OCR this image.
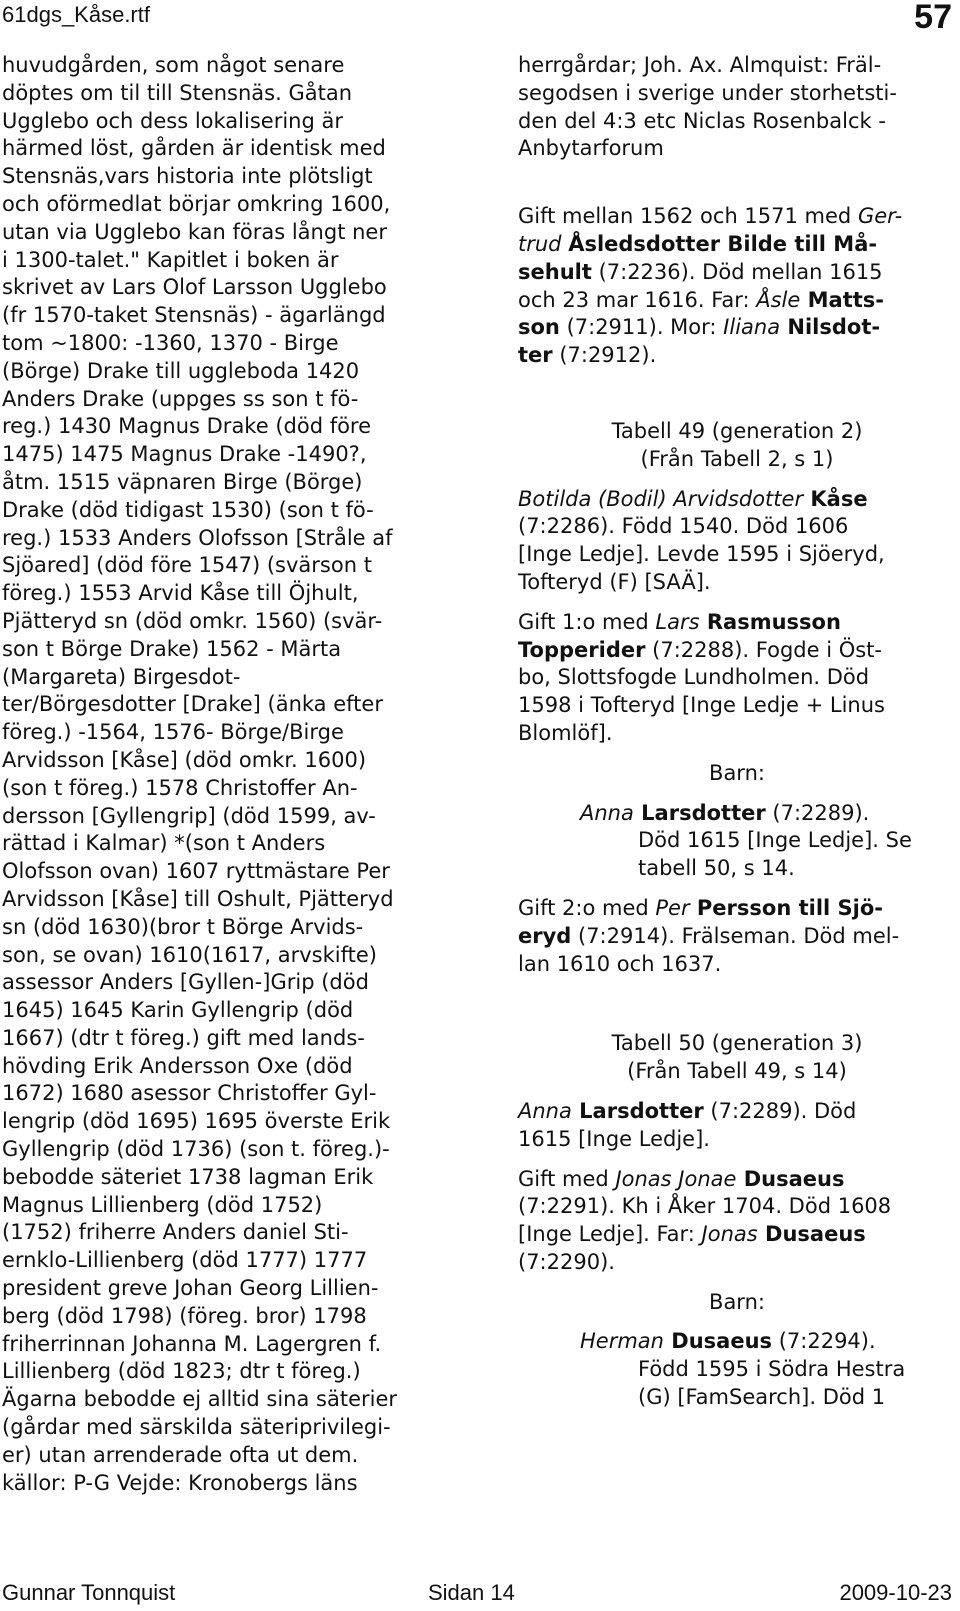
61dgs_Kåse.rtf	57
huvudgården, som något senare
döptes om til till Stensnäs. Gåtan
Ugglebo och dess lokalisering är
härmed löst, gården är identisk med
Stensnäs,vars historia inte plötsligt
och oförmedlat börjar omkring 1600,
utan via Ugglebo kan föras långt ner
i 1300-talet." Kapitlet i boken är
skrivet av Lars Olof Larsson Ugglebo
(fr 1570-taket Stensnäs) - ägarlängd
tom ~1800: -1360, 1370 - Birge
(Börge) Drake till uggleboda 1420
Anders Drake (uppges ss son t fö-
reg.) 1430 Magnus Drake (död före
1475) 1475 Magnus Drake -1490?,
åtm. 1515 väpnaren Birge (Börge)
Drake (död tidigast 1530) (son t fö-
reg.) 1533 Anders Olofsson [Stråle af
Sjöared] (död före 1547) (svärson t
föreg.) 1553 Arvid Kåse till Öjhult,
Pjätteryd sn (död omkr. 1560) (svär-
son t Börge Drake) 1562 - Märta
(Margareta) Birgesdot-
ter/Börgesdotter [Drake] (änka efter
föreg.) -1564, 1576- Börge/Birge
Arvidsson [Kåse] (död omkr. 1600)
(son t föreg.) 1578 Christoffer An-
dersson [Gyllengrip] (död 1599, av-
rättad i Kalmar) *(son t Anders
Olofsson ovan) 1607 ryttmästare Per
Arvidsson [Kåse] till Oshult, Pjätteryd
sn (död 1630)(bror t Börge Arvids-
son, se ovan) 1610(1617, arvskifte)
assessor Anders [Gyllen-]Grip (död
1645) 1645 Karin Gyllengrip (död
1667) (dtr t föreg.) gift med lands-
hövding Erik Andersson Oxe (död
1672) 1680 asessor Christoffer Gyl-
lengrip (död 1695) 1695 överste Erik
Gyllengrip (död 1736) (son t. föreg.)-
bebodde säteriet 1738 lagman Erik
Magnus Lillienberg (död 1752)
(1752) friherre Anders daniel Sti-
ernklo-Lillienberg (död 1777) 1777
president greve Johan Georg Lillien-
berg (död 1798) (föreg. bror) 1798
friherrinnan Johanna M. Lagergren f.
Lillienberg (död 1823; dtr t föreg.)
Ägarna bebodde ej alltid sina säterier
(gårdar med särskilda säteriprivilegi-
er) utan arrenderade ofta ut dem.
källor: P-G Vejde: Kronobergs läns
herrgårdar; Joh. Ax. Almquist: Fräl-
segodsen i sverige under storhetsti-
den del 4:3 etc Niclas Rosenbalck -
Anbytarforum
Gift mellan 1562 och 1571 med Ger-
trud Åsledsdotter Bilde till Må-
sehult (7:2236). Död mellan 1615
och 23 mar 1616. Far: Åsle Matts-
son (7:2911). Mor: Iliana Nilsdot-
ter (7:2912).
Tabell 49 (generation 2)
(Från Tabell 2, s 1)
Botilda (Bodil) Arvidsdotter Kåse
(7:2286). Född 1540. Död 1606
[Inge Ledje]. Levde 1595 i Sjöeryd,
Tofteryd (F) [SAÄ].
Gift 1:o med Lars Rasmusson
Topperider (7:2288). Fogde i Öst-
bo, Slottsfogde Lundholmen. Död
1598 i Tofteryd [Inge Ledje + Linus
Blomlöf].
Barn:
Anna Larsdotter (7:2289).
Död 1615 [Inge Ledje]. Se
tabell 50, s 14.
Gift 2:o med Per Persson till Sjö-
eryd (7:2914). Frälseman. Död mel-
lan 1610 och 1637.
Tabell 50 (generation 3)
(Från Tabell 49, s 14)
Anna Larsdotter (7:2289). Död
1615 [Inge Ledje].
Gift med Jonas Jonae Dusaeus
(7:2291). Kh i Åker 1704. Död 1608
[Inge Ledje]. Far: Jonas Dusaeus
(7:2290).
Barn:
Herman Dusaeus (7:2294).
Född 1595 i Södra Hestra
(G) [FamSearch]. Död 1
Gunnar Tonnquist	Sidan 14	2009-10-23
